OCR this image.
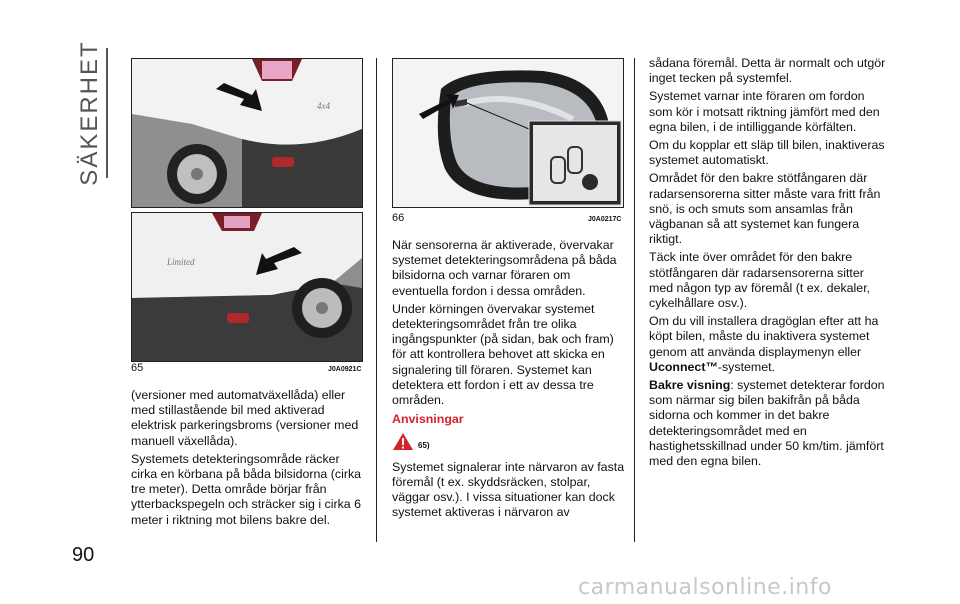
SÄKERHET
90
4x4
Limited
65	J0A0921C
66	J0A0217C

(versioner med automatväxellåda) eller med stillastående bil med aktiverad elektrisk parkeringsbroms (versioner med manuell växellåda).

Systemets detekteringsområde räcker cirka en körbana på båda bilsidorna (cirka tre meter). Detta område börjar från ytterbackspegeln och sträcker sig i cirka 6 meter i riktning mot bilens bakre del.

När sensorerna är aktiverade, övervakar systemet detekteringsområdena på båda bilsidorna och varnar föraren om eventuella fordon i dessa områden.

Under körningen övervakar systemet detekteringsområdet från tre olika ingångspunkter (på sidan, bak och fram) för att kontrollera behovet att skicka en signalering till föraren. Systemet kan detektera ett fordon i ett av dessa tre områden.

Anvisningar
65)

Systemet signalerar inte närvaron av fasta föremål (t ex. skyddsräcken, stolpar, väggar osv.). I vissa situationer kan dock systemet aktiveras i närvaron av

sådana föremål. Detta är normalt och utgör inget tecken på systemfel.

Systemet varnar inte föraren om fordon som kör i motsatt riktning jämfört med den egna bilen, i de intilliggande körfälten.

Om du kopplar ett släp till bilen, inaktiveras systemet automatiskt.

Området för den bakre stötfångaren där radarsensorerna sitter måste vara fritt från snö, is och smuts som ansamlas från vägbanan så att systemet kan fungera riktigt.

Täck inte över området för den bakre stötfångaren där radarsensorerna sitter med någon typ av föremål (t ex. dekaler, cykelhållare osv.).

Om du vill installera dragöglan efter att ha köpt bilen, måste du inaktivera systemet genom att använda displaymenyn eller Uconnect™-systemet.

Bakre visning: systemet detekterar fordon som närmar sig bilen bakifrån på båda sidorna och kommer in det bakre detekteringsområdet med en hastighetsskillnad under 50 km/tim. jämfört med den egna bilen.

carmanualsonline.info
